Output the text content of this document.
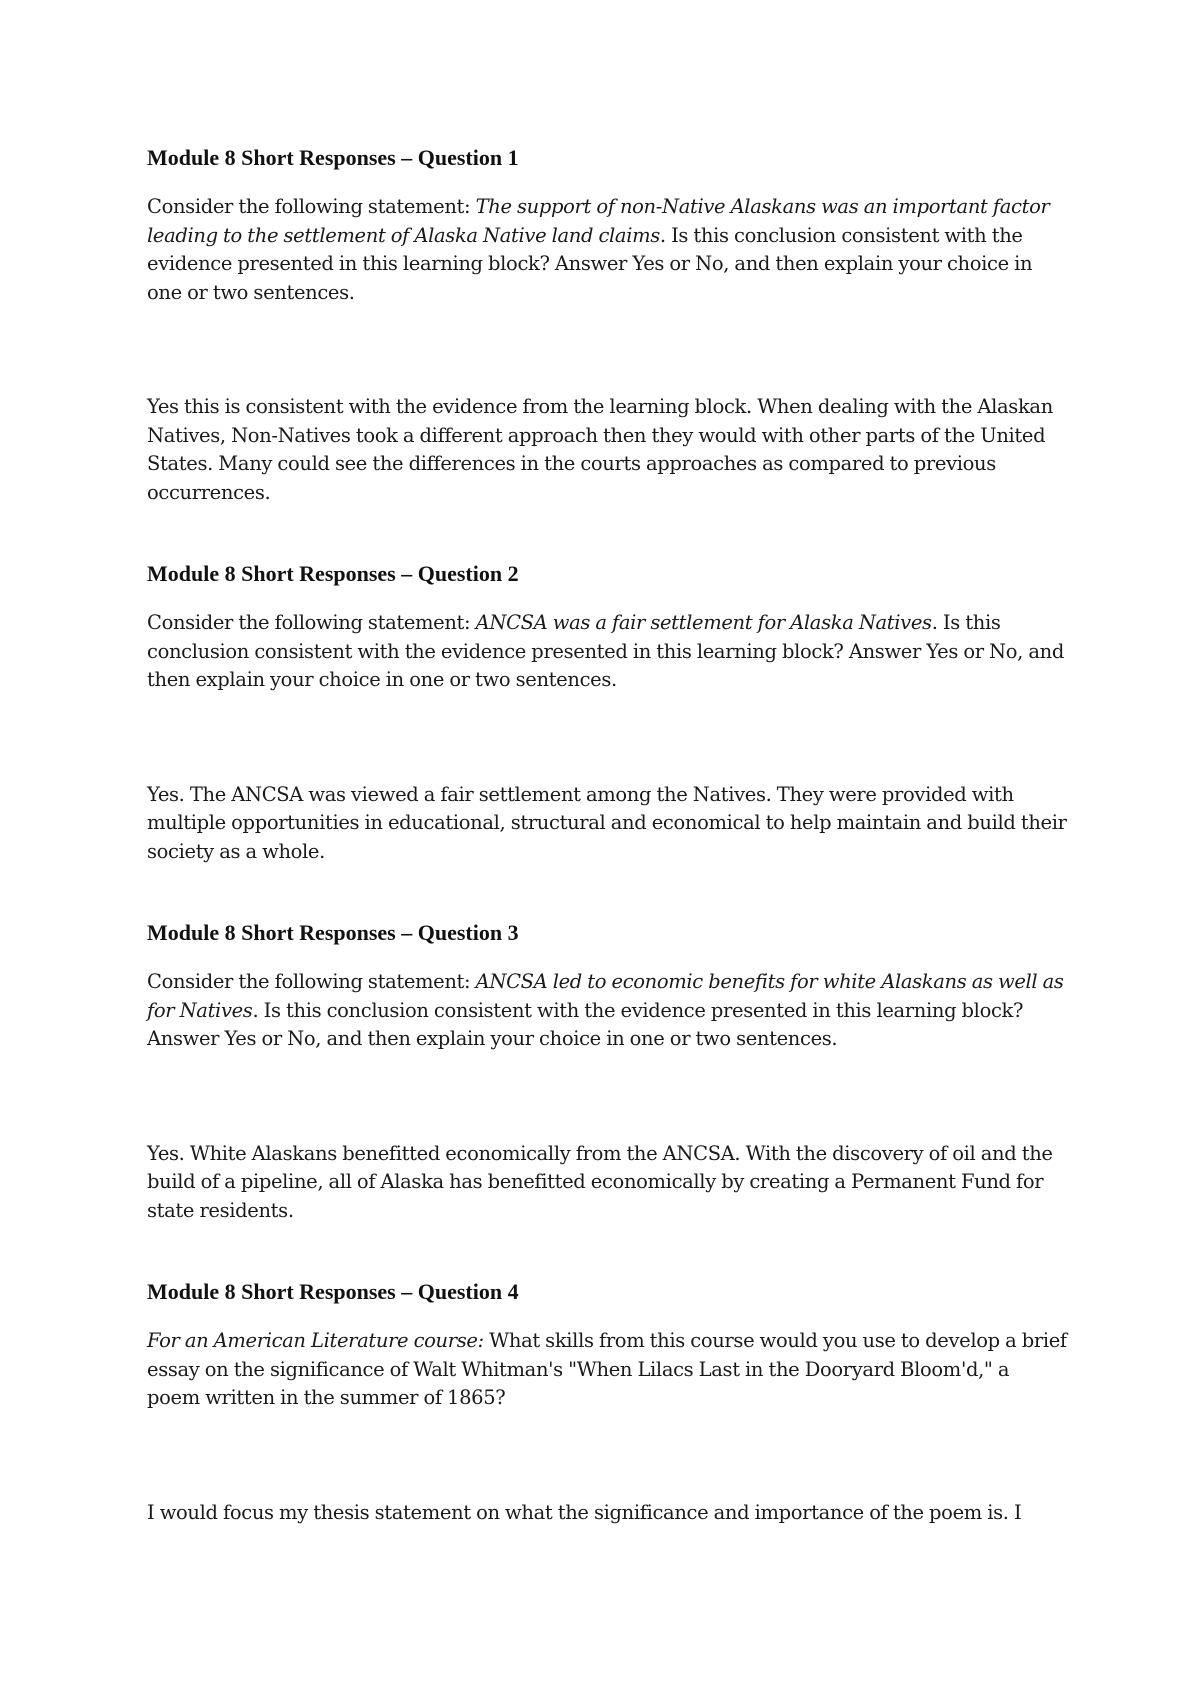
Module 8 Short Responses – Question 1

Consider the following statement: The support of non-Native Alaskans was an important factor leading to the settlement of Alaska Native land claims. Is this conclusion consistent with the evidence presented in this learning block? Answer Yes or No, and then explain your choice in one or two sentences.

Yes this is consistent with the evidence from the learning block. When dealing with the Alaskan Natives, Non-Natives took a different approach then they would with other parts of the United States. Many could see the differences in the courts approaches as compared to previous occurrences.

Module 8 Short Responses – Question 2

Consider the following statement: ANCSA was a fair settlement for Alaska Natives. Is this conclusion consistent with the evidence presented in this learning block? Answer Yes or No, and then explain your choice in one or two sentences.

Yes. The ANCSA was viewed a fair settlement among the Natives. They were provided with multiple opportunities in educational, structural and economical to help maintain and build their society as a whole.

Module 8 Short Responses – Question 3

Consider the following statement: ANCSA led to economic benefits for white Alaskans as well as for Natives. Is this conclusion consistent with the evidence presented in this learning block? Answer Yes or No, and then explain your choice in one or two sentences.

Yes. White Alaskans benefitted economically from the ANCSA. With the discovery of oil and the build of a pipeline, all of Alaska has benefitted economically by creating a Permanent Fund for state residents.

Module 8 Short Responses – Question 4

For an American Literature course: What skills from this course would you use to develop a brief essay on the significance of Walt Whitman's "When Lilacs Last in the Dooryard Bloom'd," a poem written in the summer of 1865?

I would focus my thesis statement on what the significance and importance of the poem is. I
